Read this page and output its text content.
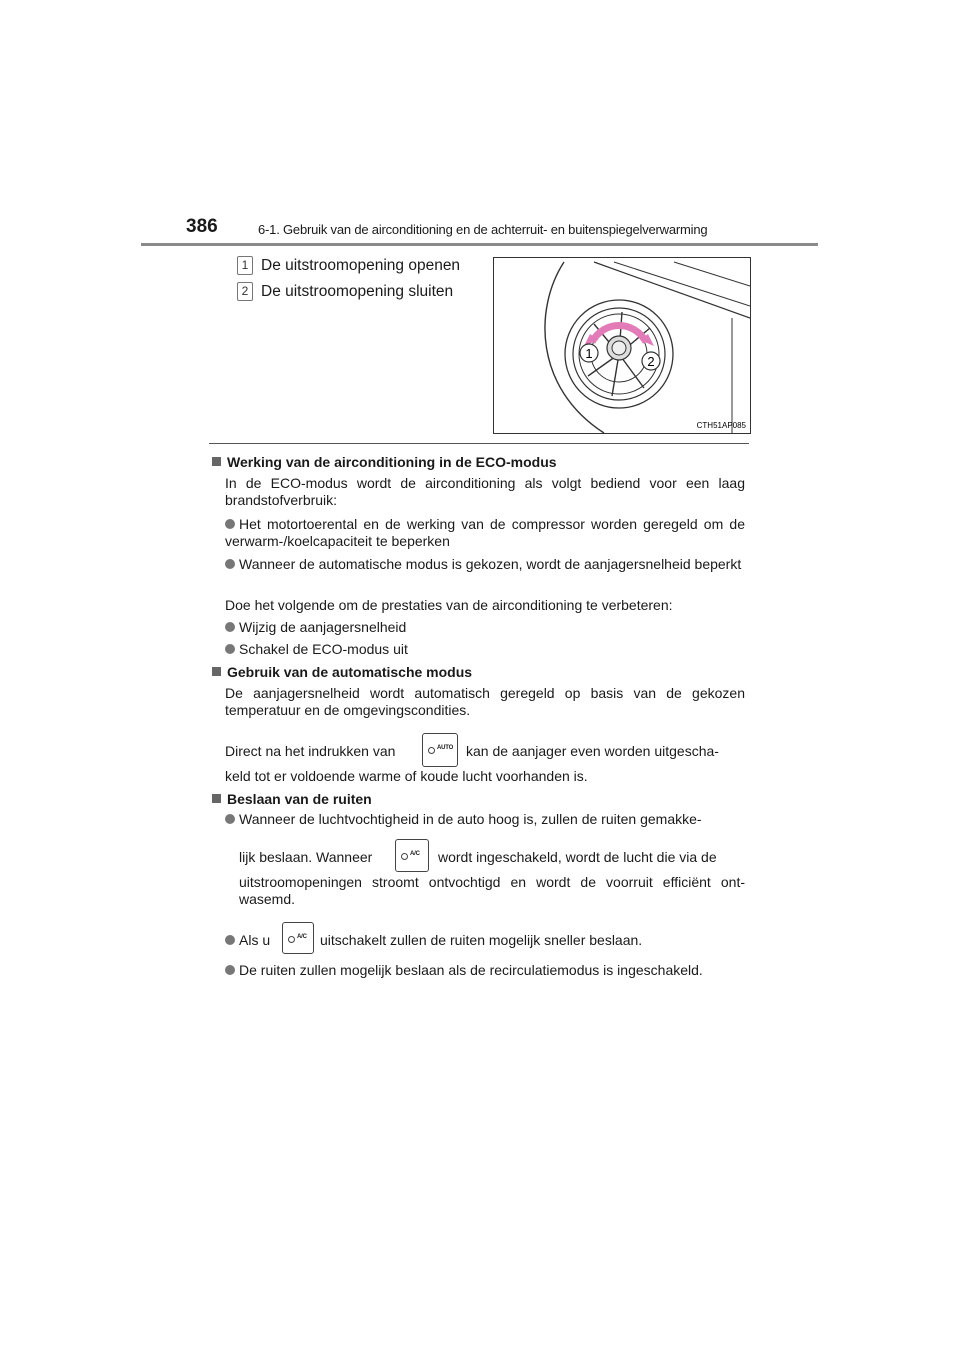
386	6-1. Gebruik van de airconditioning en de achterruit- en buitenspiegelverwarming
1 De uitstroomopening openen
2 De uitstroomopening sluiten
1
2
CTH51AP085
Werking van de airconditioning in de ECO-modus
In de ECO-modus wordt de airconditioning als volgt bediend voor een laag brandstofverbruik:
Het motortoerental en de werking van de compressor worden geregeld om de verwarm-/koelcapaciteit te beperken
Wanneer de automatische modus is gekozen, wordt de aanjagersnelheid beperkt
Doe het volgende om de prestaties van de airconditioning te verbeteren:
Wijzig de aanjagersnelheid
Schakel de ECO-modus uit
Gebruik van de automatische modus
De aanjagersnelheid wordt automatisch geregeld op basis van de gekozen temperatuur en de omgevingscondities.
Direct na het indrukken van	AUTO kan de aanjager even worden uitgescha-
keld tot er voldoende warme of koude lucht voorhanden is.
Beslaan van de ruiten
Wanneer de luchtvochtigheid in de auto hoog is, zullen de ruiten gemakke-
lijk beslaan. Wanneer	A/C wordt ingeschakeld, wordt de lucht die via de
uitstroomopeningen stroomt ontvochtigd en wordt de voorruit efficiënt ont-wasemd.
Als u	A/C uitschakelt zullen de ruiten mogelijk sneller beslaan.
De ruiten zullen mogelijk beslaan als de recirculatiemodus is ingeschakeld.
